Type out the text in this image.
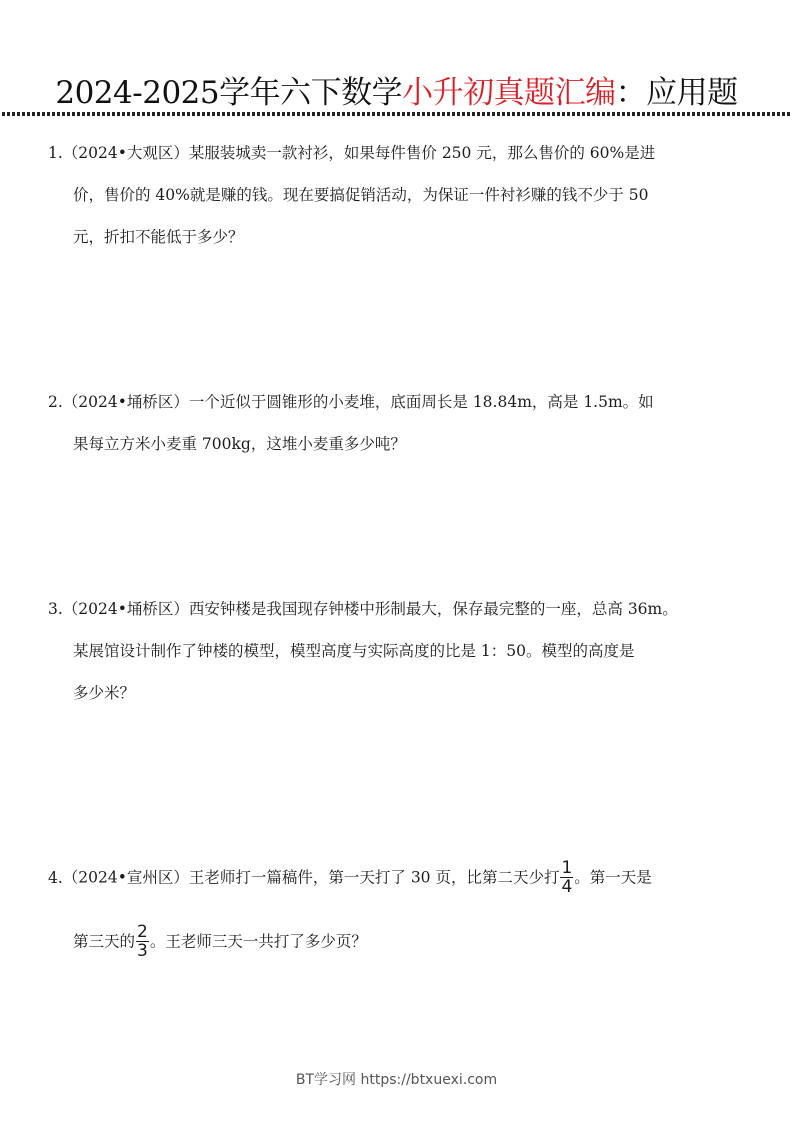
2024-2025学年六下数学小升初真题汇编：应用题
1.（2024•大观区）某服装城卖一款衬衫，如果每件售价 250 元，那么售价的 60%是进
价，售价的 40%就是赚的钱。现在要搞促销活动，为保证一件衬衫赚的钱不少于 50
元，折扣不能低于多少？
2.（2024•埇桥区）一个近似于圆锥形的小麦堆，底面周长是 18.84m，高是 1.5m。如
果每立方米小麦重 700kg，这堆小麦重多少吨？
3.（2024•埇桥区）西安钟楼是我国现存钟楼中形制最大，保存最完整的一座，总高 36m。
某展馆设计制作了钟楼的模型，模型高度与实际高度的比是 1：50。模型的高度是
多少米？
4.（2024•宣州区）王老师打一篇稿件，第一天打了 30 页，比第二天少打 $\frac{1}{4}$ 。第一天是
第三天的 $\frac{2}{3}$ 。王老师三天一共打了多少页？
BT学习网 https://btxuexi.com
